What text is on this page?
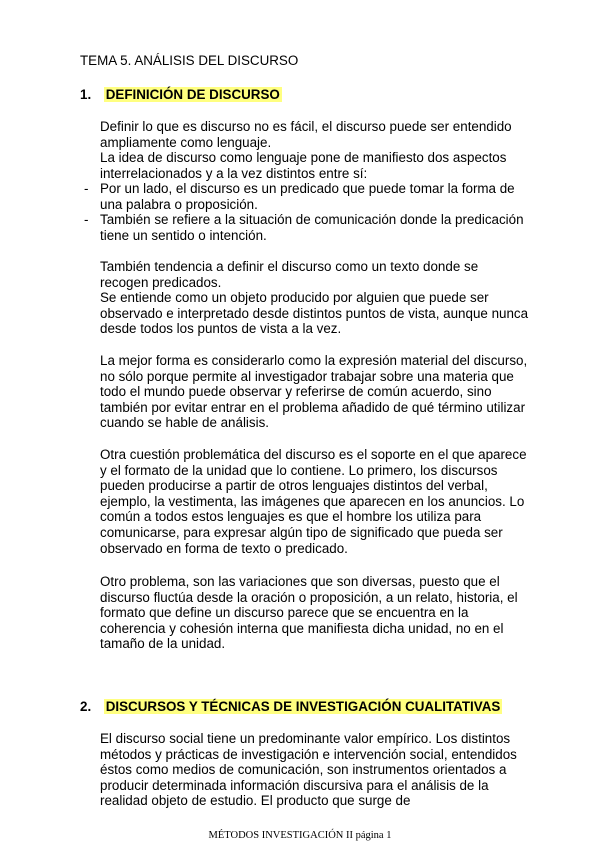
TEMA 5. ANÁLISIS DEL DISCURSO
1. DEFINICIÓN DE DISCURSO

Definir lo que es discurso no es fácil, el discurso puede ser entendido ampliamente como lenguaje.

La idea de discurso como lenguaje pone de manifiesto dos aspectos interrelacionados y a la vez distintos entre sí:

- Por un lado, el discurso es un predicado que puede tomar la forma de una palabra o proposición.
- También se refiere a la situación de comunicación donde la predicación tiene un sentido o intención.

También tendencia a definir el discurso como un texto donde se recogen predicados.

Se entiende como un objeto producido por alguien que puede ser observado e interpretado desde distintos puntos de vista, aunque nunca desde todos los puntos de vista a la vez.

La mejor forma es considerarlo como la expresión material del discurso, no sólo porque permite al investigador trabajar sobre una materia que todo el mundo puede observar y referirse de común acuerdo, sino también por evitar entrar en el problema añadido de qué término utilizar cuando se hable de análisis.

Otra cuestión problemática del discurso es el soporte en el que aparece y el formato de la unidad que lo contiene. Lo primero, los discursos pueden producirse a partir de otros lenguajes distintos del verbal, ejemplo, la vestimenta, las imágenes que aparecen en los anuncios. Lo común a todos estos lenguajes es que el hombre los utiliza para comunicarse, para expresar algún tipo de significado que pueda ser observado en forma de texto o predicado.

Otro problema, son las variaciones que son diversas, puesto que el discurso fluctúa desde la oración o proposición, a un relato, historia, el formato que define un discurso parece que se encuentra en la coherencia y cohesión interna que manifiesta dicha unidad, no en el tamaño de la unidad.

2. DISCURSOS Y TÉCNICAS DE INVESTIGACIÓN CUALITATIVAS

El discurso social tiene un predominante valor empírico. Los distintos métodos y prácticas de investigación e intervención social, entendidos éstos como medios de comunicación, son instrumentos orientados a producir determinada información discursiva para el análisis de la realidad objeto de estudio. El producto que surge de

MÉTODOS INVESTIGACIÓN II página 1
